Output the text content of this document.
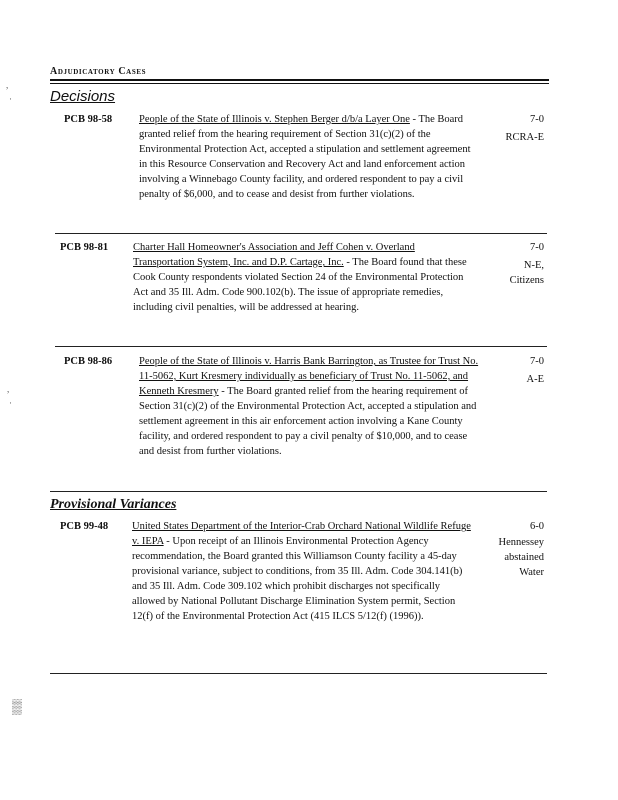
Adjudicatory Cases
Decisions
PCB 98-58	People of the State of Illinois v. Stephen Berger d/b/a Layer One - The Board granted relief from the hearing requirement of Section 31(c)(2) of the Environmental Protection Act, accepted a stipulation and settlement agreement in this Resource Conservation and Recovery Act and land enforcement action involving a Winnebago County facility, and ordered respondent to pay a civil penalty of $6,000, and to cease and desist from further violations.
7-0
RCRA-E
PCB 98-81 Charter Hall Homeowner's Association and Jeff Cohen v. Overland Transportation System, Inc. and D.P. Cartage, Inc. - The Board found that these Cook County respondents violated Section 24 of the Environmental Protection Act and 35 Ill. Adm. Code 900.102(b). The issue of appropriate remedies, including civil penalties, will be addressed at hearing.
7-0
N-E,
Citizens
PCB 98-86	People of the State of Illinois v. Harris Bank Barrington, as Trustee for Trust No. 11-5062, Kurt Kresmery individually as beneficiary of Trust No. 11-5062, and Kenneth Kresmery - The Board granted relief from the hearing requirement of Section 31(c)(2) of the Environmental Protection Act, accepted a stipulation and settlement agreement in this air enforcement action involving a Kane County facility, and ordered respondent to pay a civil penalty of $10,000, and to cease and desist from further violations.
7-0
A-E
Provisional Variances
PCB 99-48 United States Department of the Interior-Crab Orchard National Wildlife Refuge v. IEPA - Upon receipt of an Illinois Environmental Protection Agency recommendation, the Board granted this Williamson County facility a 45-day provisional variance, subject to conditions, from 35 Ill. Adm. Code 304.141(b) and 35 Ill. Adm. Code 309.102 which prohibit discharges not specifically allowed by National Pollutant Discharge Elimination System permit, Section 12(f) of the Environmental Protection Act (415 ILCS 5/12(f) (1996)).
6-0
Hennessey
abstained
Water
,
·
,
·
▒
